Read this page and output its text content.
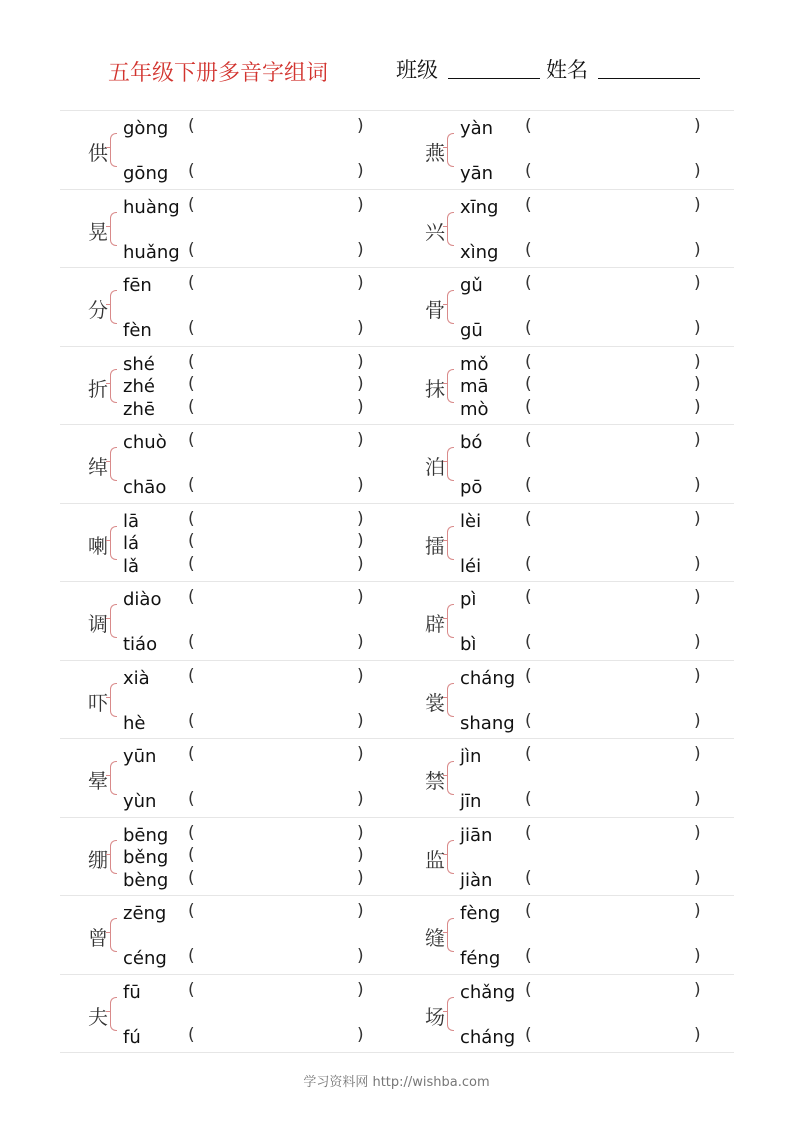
五年级下册多音字组词	班级	姓名
供
gòng (	)
gōng (	)
燕
yàn (	)
yān (	)
晃
huàng (	)
huǎng (	)
兴
xīng (	)
xìng (	)
分
fēn (	)
fèn (	)
骨
gǔ (	)
gū (	)
折
shé (	)
zhé (	)
zhē (	)
抹
mǒ (	)
mā (	)
mò (	)
绰
chuò (	)
chāo (	)
泊
bó	(	)
pō	(	)
喇
lā	(	)
lá	(	)
lǎ	(	)
擂
lèi	(	)
léi	(	)
调
diào (	)
tiáo (	)
辟
pì	(	)
bì	(	)
吓
xià (	)
hè	(	)
裳
cháng (	)
shang (	)
晕
yūn (	)
yùn (	)
禁
jìn	(	)
jīn	(	)
绷
bēng (	)
běng (	)
bèng (	)
监
jiān (	)
jiàn (	)
曾
zēng (	)
céng (	)
缝
fèng (	)
féng (	)
夫
fū	(	)
fú	(	)
场
chǎng (	)
cháng (	)
学习资料网 http://wishba.com
